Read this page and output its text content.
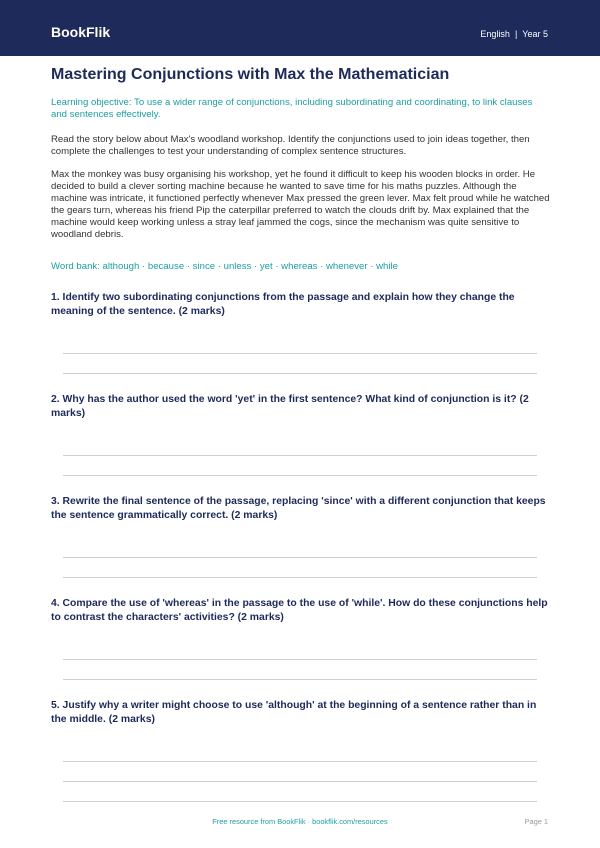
BookFlik	English | Year 5
Mastering Conjunctions with Max the Mathematician
Learning objective: To use a wider range of conjunctions, including subordinating and coordinating, to link clauses and sentences effectively.
Read the story below about Max's woodland workshop. Identify the conjunctions used to join ideas together, then complete the challenges to test your understanding of complex sentence structures.
Max the monkey was busy organising his workshop, yet he found it difficult to keep his wooden blocks in order. He decided to build a clever sorting machine because he wanted to save time for his maths puzzles. Although the machine was intricate, it functioned perfectly whenever Max pressed the green lever. Max felt proud while he watched the gears turn, whereas his friend Pip the caterpillar preferred to watch the clouds drift by. Max explained that the machine would keep working unless a stray leaf jammed the cogs, since the mechanism was quite sensitive to woodland debris.
Word bank: although · because · since · unless · yet · whereas · whenever · while
1. Identify two subordinating conjunctions from the passage and explain how they change the meaning of the sentence. (2 marks)
2. Why has the author used the word 'yet' in the first sentence? What kind of conjunction is it? (2 marks)
3. Rewrite the final sentence of the passage, replacing 'since' with a different conjunction that keeps the sentence grammatically correct. (2 marks)
4. Compare the use of 'whereas' in the passage to the use of 'while'. How do these conjunctions help to contrast the characters' activities? (2 marks)
5. Justify why a writer might choose to use 'although' at the beginning of a sentence rather than in the middle. (2 marks)
Free resource from BookFlik · bookflik.com/resources	Page 1
